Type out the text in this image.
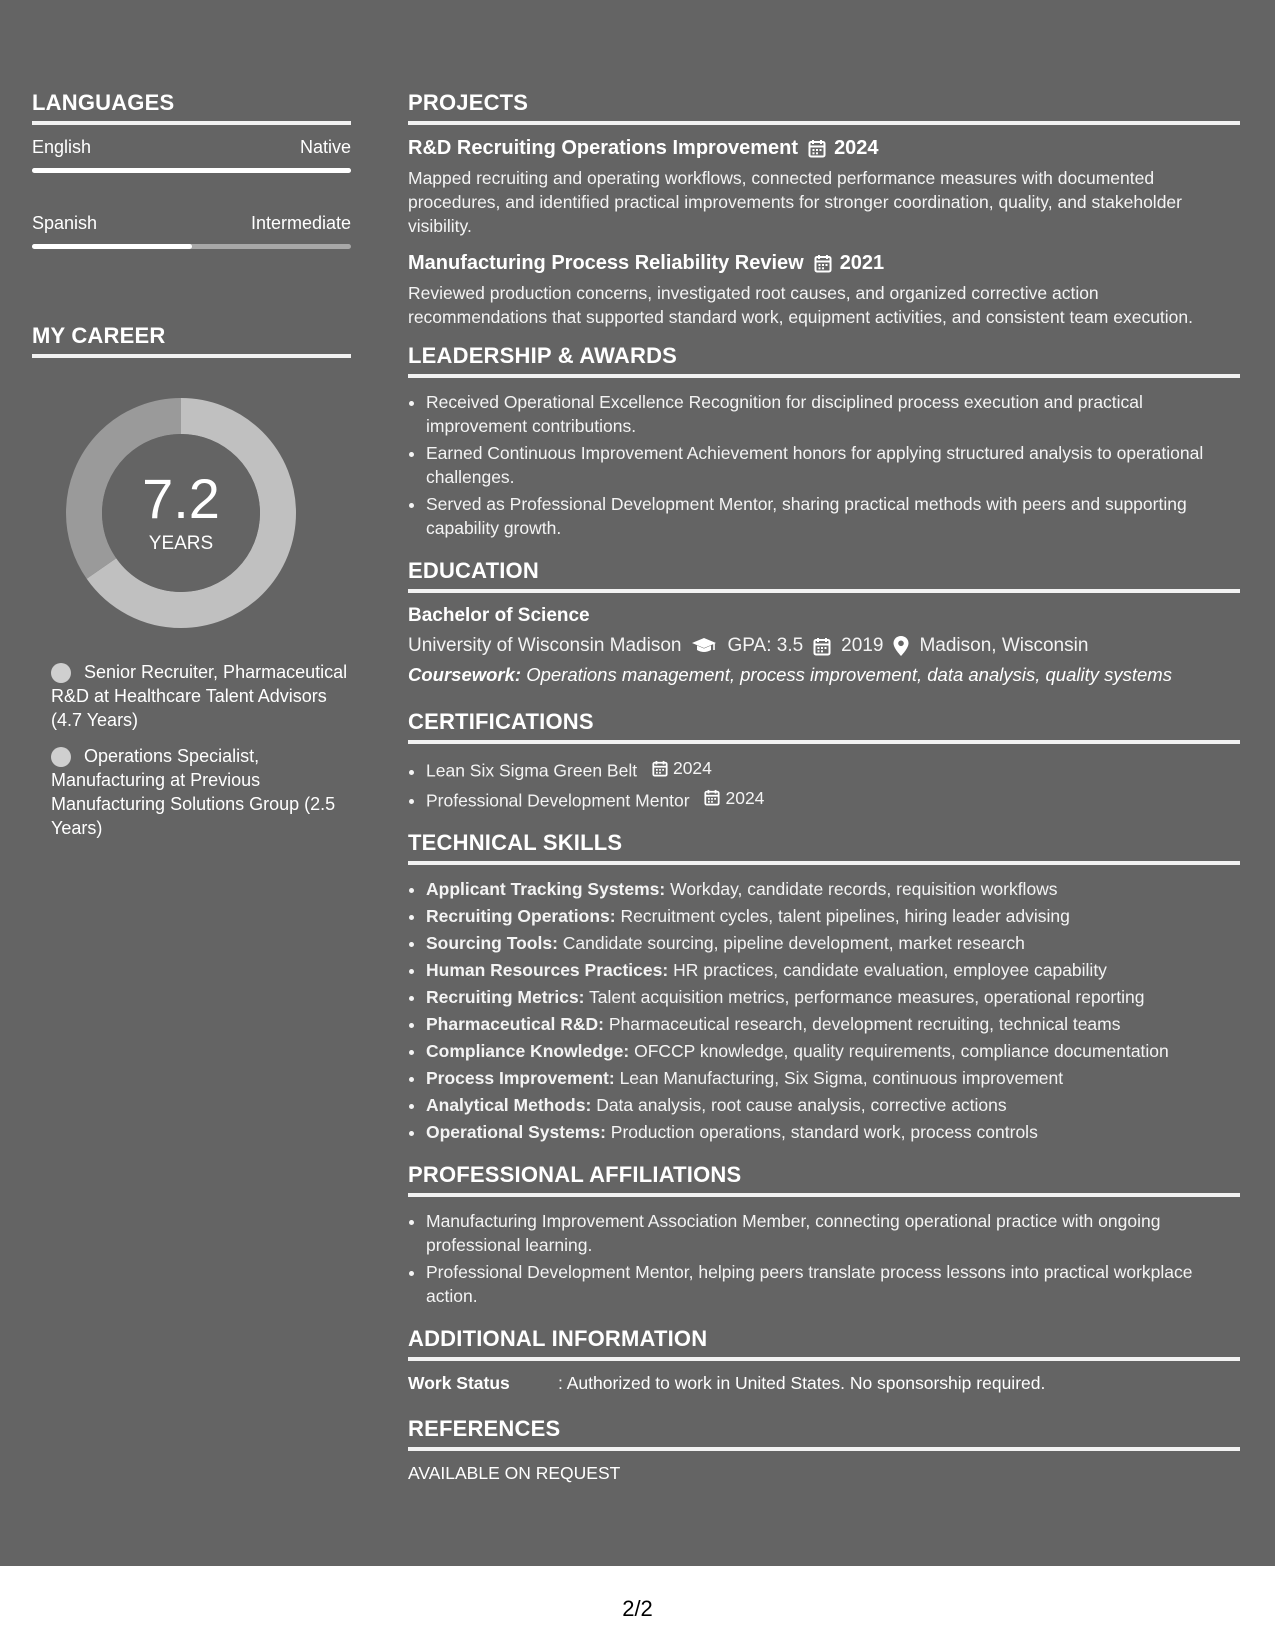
LANGUAGES
English	Native
Spanish	Intermediate
MY CAREER
7.2
YEARS
Senior Recruiter, Pharmaceutical R&D at Healthcare Talent Advisors (4.7 Years)
Operations Specialist, Manufacturing at Previous Manufacturing Solutions Group (2.5 Years)
PROJECTS
R&D Recruiting Operations Improvement 2024
Mapped recruiting and operating workflows, connected performance measures with documented procedures, and identified practical improvements for stronger coordination, quality, and stakeholder visibility.
Manufacturing Process Reliability Review 2021
Reviewed production concerns, investigated root causes, and organized corrective action recommendations that supported standard work, equipment activities, and consistent team execution.
LEADERSHIP & AWARDS
• Received Operational Excellence Recognition for disciplined process execution and practical improvement contributions.
• Earned Continuous Improvement Achievement honors for applying structured analysis to operational challenges.
• Served as Professional Development Mentor, sharing practical methods with peers and supporting capability growth.
EDUCATION
Bachelor of Science
University of Wisconsin Madison GPA: 3.5 2019 Madison, Wisconsin
Coursework: Operations management, process improvement, data analysis, quality systems
CERTIFICATIONS
• Lean Six Sigma Green Belt 2024
• Professional Development Mentor 2024
TECHNICAL SKILLS
• Applicant Tracking Systems: Workday, candidate records, requisition workflows
• Recruiting Operations: Recruitment cycles, talent pipelines, hiring leader advising
• Sourcing Tools: Candidate sourcing, pipeline development, market research
• Human Resources Practices: HR practices, candidate evaluation, employee capability
• Recruiting Metrics: Talent acquisition metrics, performance measures, operational reporting
• Pharmaceutical R&D: Pharmaceutical research, development recruiting, technical teams
• Compliance Knowledge: OFCCP knowledge, quality requirements, compliance documentation
• Process Improvement: Lean Manufacturing, Six Sigma, continuous improvement
• Analytical Methods: Data analysis, root cause analysis, corrective actions
• Operational Systems: Production operations, standard work, process controls
PROFESSIONAL AFFILIATIONS
• Manufacturing Improvement Association Member, connecting operational practice with ongoing professional learning.
• Professional Development Mentor, helping peers translate process lessons into practical workplace action.
ADDITIONAL INFORMATION
Work Status	: Authorized to work in United States. No sponsorship required.
REFERENCES
AVAILABLE ON REQUEST
2/2
